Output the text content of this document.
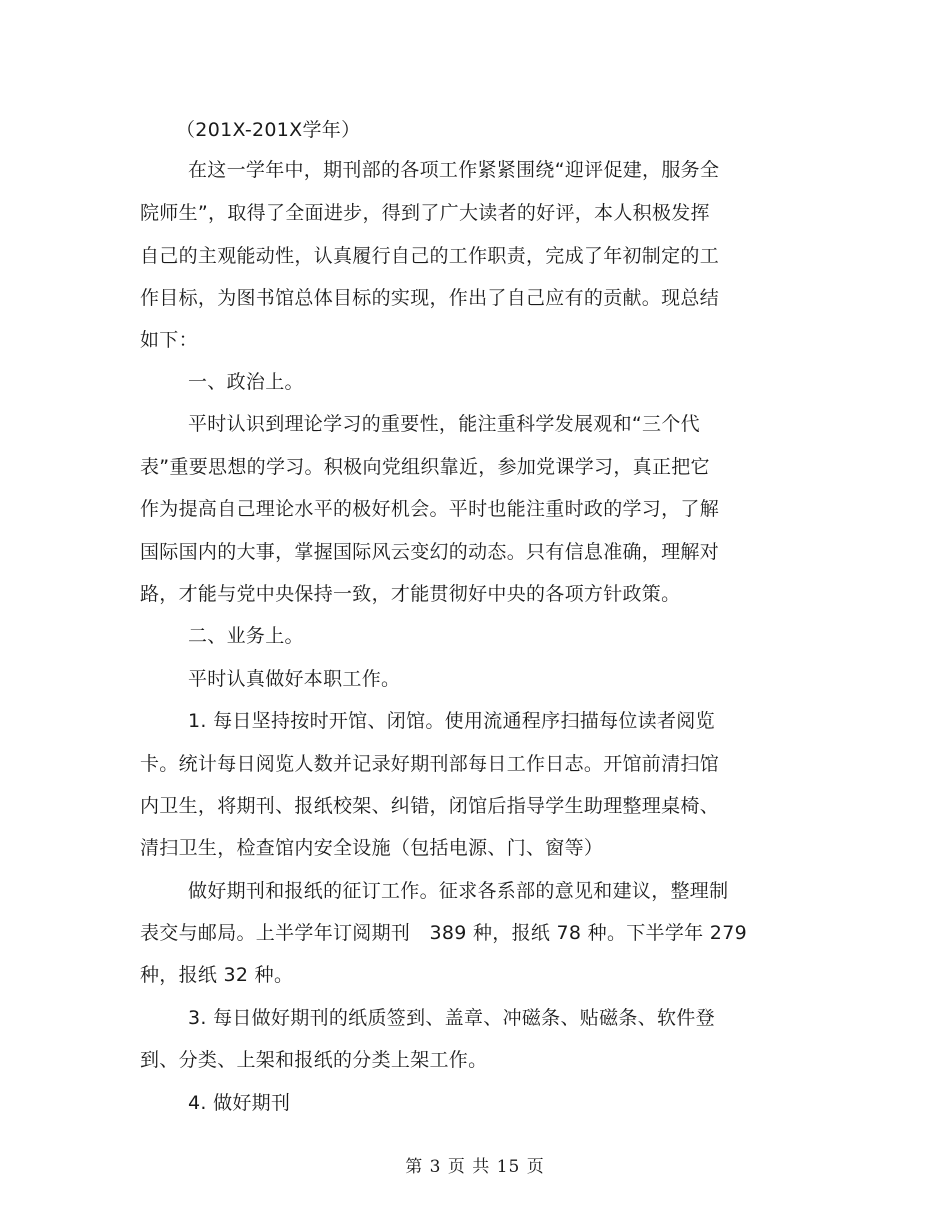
（201X-201X学年）
在这一学年中，期刊部的各项工作紧紧围绕“迎评促建，服务全
院师生”，取得了全面进步，得到了广大读者的好评，本人积极发挥
自己的主观能动性，认真履行自己的工作职责，完成了年初制定的工
作目标，为图书馆总体目标的实现，作出了自己应有的贡献。现总结
如下：
一、政治上。
平时认识到理论学习的重要性，能注重科学发展观和“三个代
表”重要思想的学习。积极向党组织靠近，参加党课学习，真正把它
作为提高自己理论水平的极好机会。平时也能注重时政的学习，了解
国际国内的大事，掌握国际风云变幻的动态。只有信息准确，理解对
路，才能与党中央保持一致，才能贯彻好中央的各项方针政策。
二、业务上。
平时认真做好本职工作。
1. 每日坚持按时开馆、闭馆。使用流通程序扫描每位读者阅览
卡。统计每日阅览人数并记录好期刊部每日工作日志。开馆前清扫馆
内卫生，将期刊、报纸校架、纠错，闭馆后指导学生助理整理桌椅、
清扫卫生，检查馆内安全设施（包括电源、门、窗等）
做好期刊和报纸的征订工作。征求各系部的意见和建议，整理制
表交与邮局。上半学年订阅期刊　389 种，报纸 78 种。下半学年 279
种，报纸 32 种。
3. 每日做好期刊的纸质签到、盖章、冲磁条、贴磁条、软件登
到、分类、上架和报纸的分类上架工作。
4. 做好期刊
第 3 页 共 15 页
